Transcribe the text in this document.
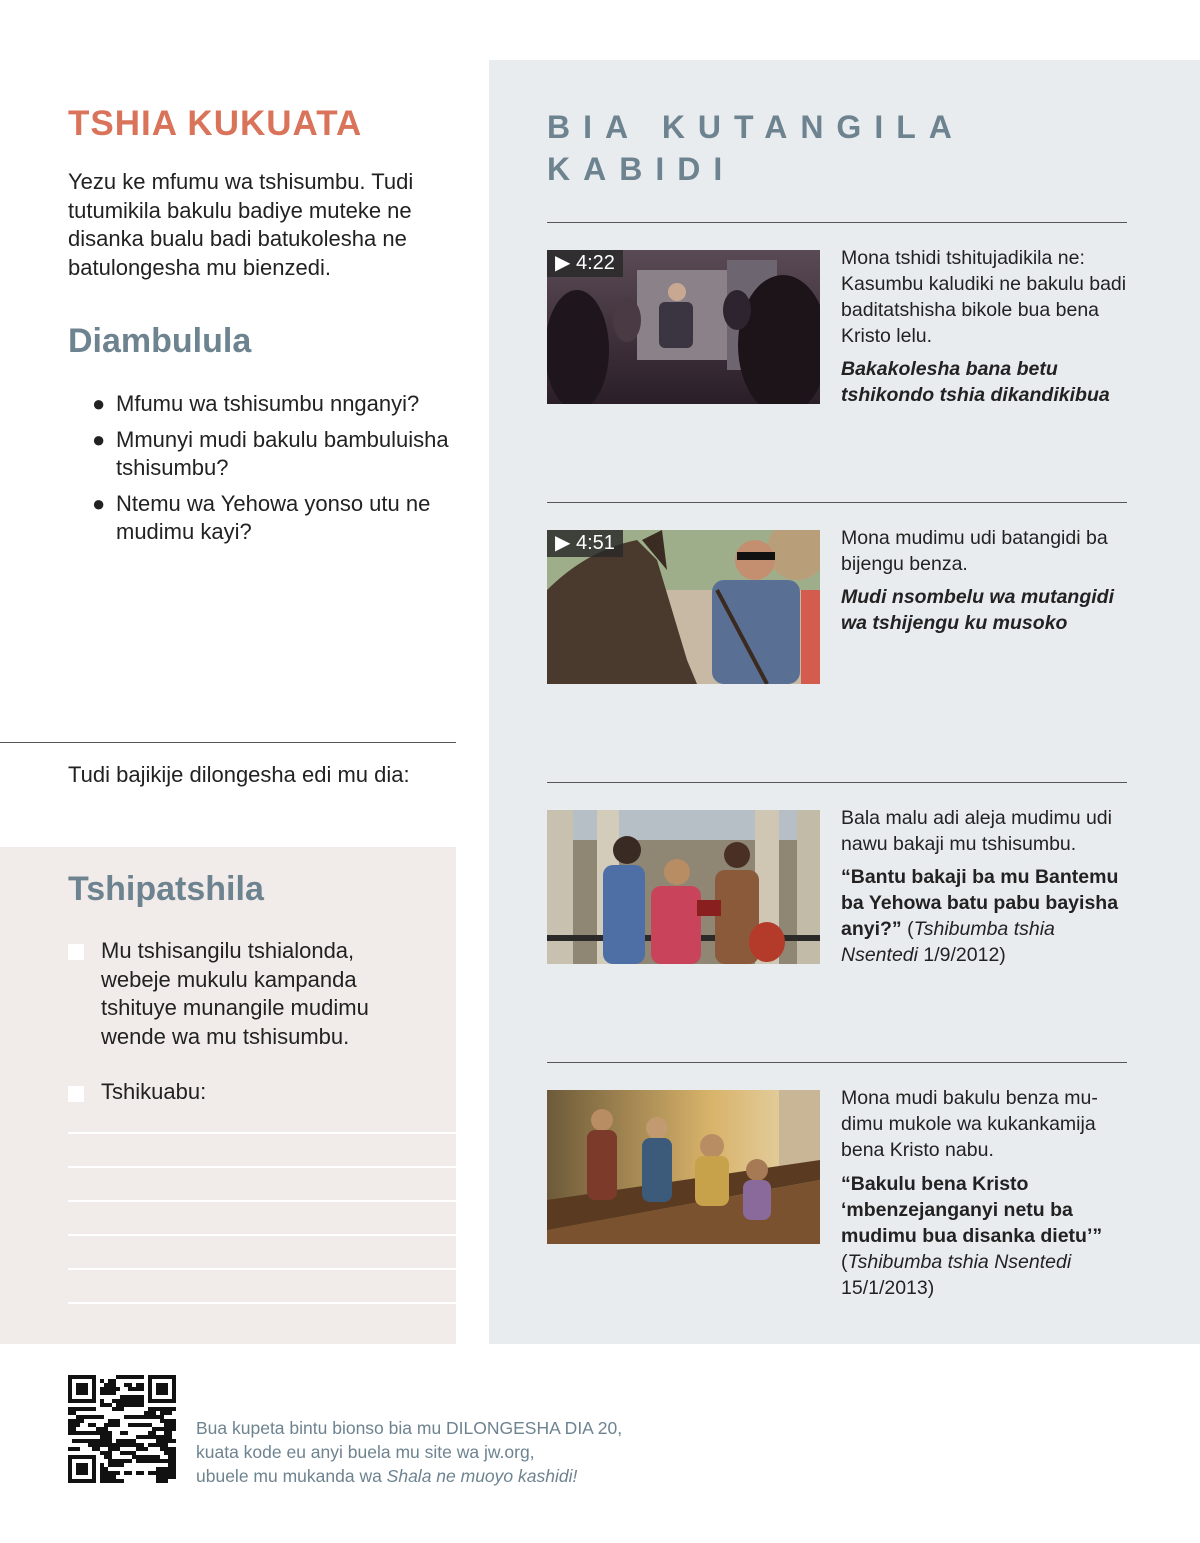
TSHIA KUKUATA

Yezu ke mfumu wa tshisumbu. Tudi tutumikila bakulu badiye muteke ne disanka bualu badi batukolesha ne batulongesha mu bienzedi.

Diambulula
● Mfumu wa tshisumbu nnganyi?
● Mmunyi mudi bakulu bambuluisha tshisumbu?
● Ntemu wa Yehowa yonso utu ne mudimu kayi?

Tudi bajikije dilongesha edi mu dia:

Tshipatshila

Mu tshisangilu tshialonda, webeje mukulu kampanda tshituye munangile mudimu wende wa mu tshisumbu.

Tshikuabu:

BIA KUTANGILA KABIDI
▶ 4:22	Mona tshidi tshitujadikila ne: Kasumbu kaludiki ne bakulu badi baditatshisha bikole bua bena Kristo lelu.

Bakakolesha bana betu tshikondo tshia dikandikibua

▶ 4:51	Mona mudimu udi batangidi ba bijengu benza.

Mudi nsombelu wa mutangidi wa tshijengu ku musoko

Bala malu adi aleja mudimu udi nawu bakaji mu tshisumbu.

“Bantu bakaji ba mu Bantemu ba Yehowa batu pabu bayisha anyi?” (Tshibumba tshia Nsentedi 1/9/2012)

Mona mudi bakulu benza mu-dimu mukole wa kukankamija bena Kristo nabu.

“Bakulu bena Kristo ‘mbenzejanganyi netu ba mudimu bua disanka dietu’” (Tshibumba tshia Nsentedi 15/1/2013)

Bua kupeta bintu bionso bia mu DILONGESHA DIA 20,
kuata kode eu anyi buela mu site wa jw.org,
ubuele mu mukanda wa Shala ne muoyo kashidi!
